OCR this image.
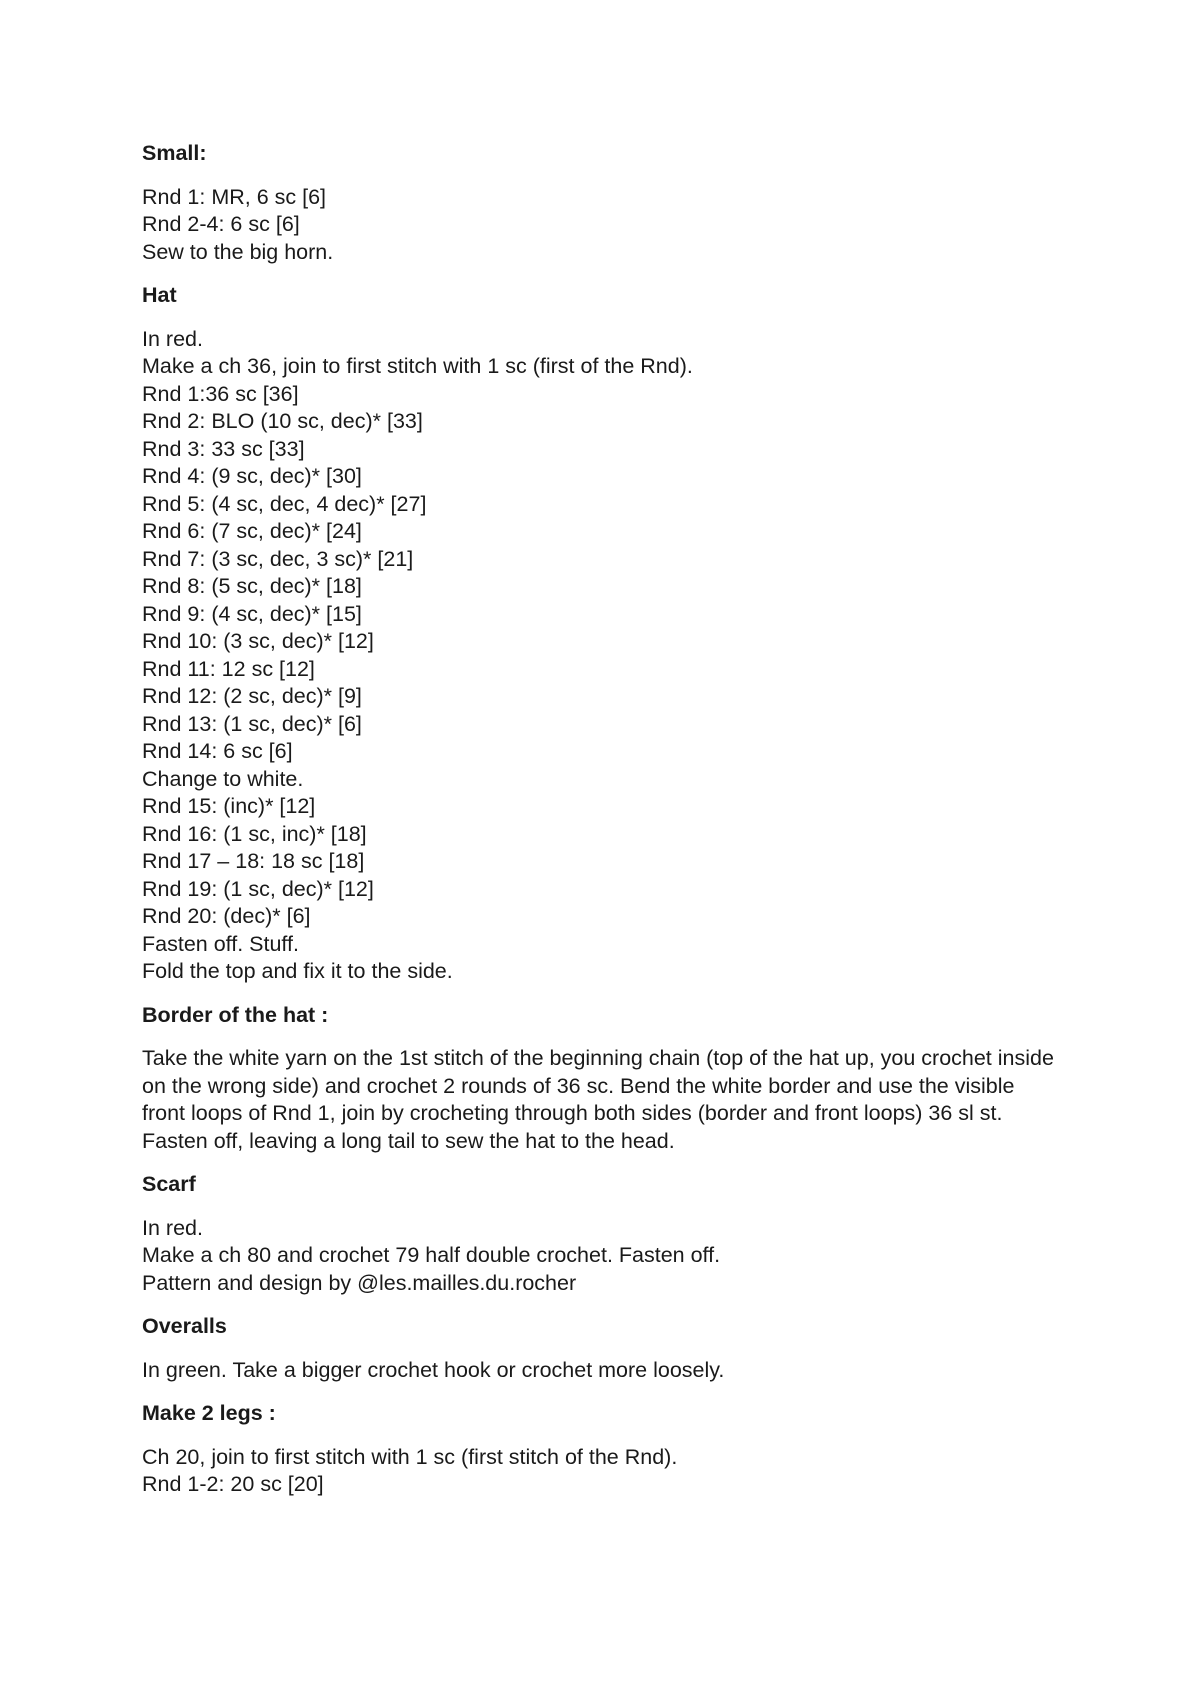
Small:

Rnd 1: MR, 6 sc [6]
Rnd 2-4: 6 sc [6]
Sew to the big horn.

Hat

In red.
Make a ch 36, join to first stitch with 1 sc (first of the Rnd).
Rnd 1:36 sc [36]
Rnd 2: BLO (10 sc, dec)* [33]
Rnd 3: 33 sc [33]
Rnd 4: (9 sc, dec)* [30]
Rnd 5: (4 sc, dec, 4 dec)* [27]
Rnd 6: (7 sc, dec)* [24]
Rnd 7: (3 sc, dec, 3 sc)* [21]
Rnd 8: (5 sc, dec)* [18]
Rnd 9: (4 sc, dec)* [15]
Rnd 10: (3 sc, dec)* [12]
Rnd 11: 12 sc [12]
Rnd 12: (2 sc, dec)* [9]
Rnd 13: (1 sc, dec)* [6]
Rnd 14: 6 sc [6]
Change to white.
Rnd 15: (inc)* [12]
Rnd 16: (1 sc, inc)* [18]
Rnd 17 – 18: 18 sc [18]
Rnd 19: (1 sc, dec)* [12]
Rnd 20: (dec)* [6]
Fasten off. Stuff.
Fold the top and fix it to the side.

Border of the hat :

Take the white yarn on the 1st stitch of the beginning chain (top of the hat up, you crochet inside on the wrong side) and crochet 2 rounds of 36 sc. Bend the white border and use the visible front loops of Rnd 1, join by crocheting through both sides (border and front loops) 36 sl st.
Fasten off, leaving a long tail to sew the hat to the head.

Scarf

In red.
Make a ch 80 and crochet 79 half double crochet. Fasten off.
Pattern and design by @les.mailles.du.rocher

Overalls

In green. Take a bigger crochet hook or crochet more loosely.

Make 2 legs :

Ch 20, join to first stitch with 1 sc (first stitch of the Rnd).
Rnd 1-2: 20 sc [20]
